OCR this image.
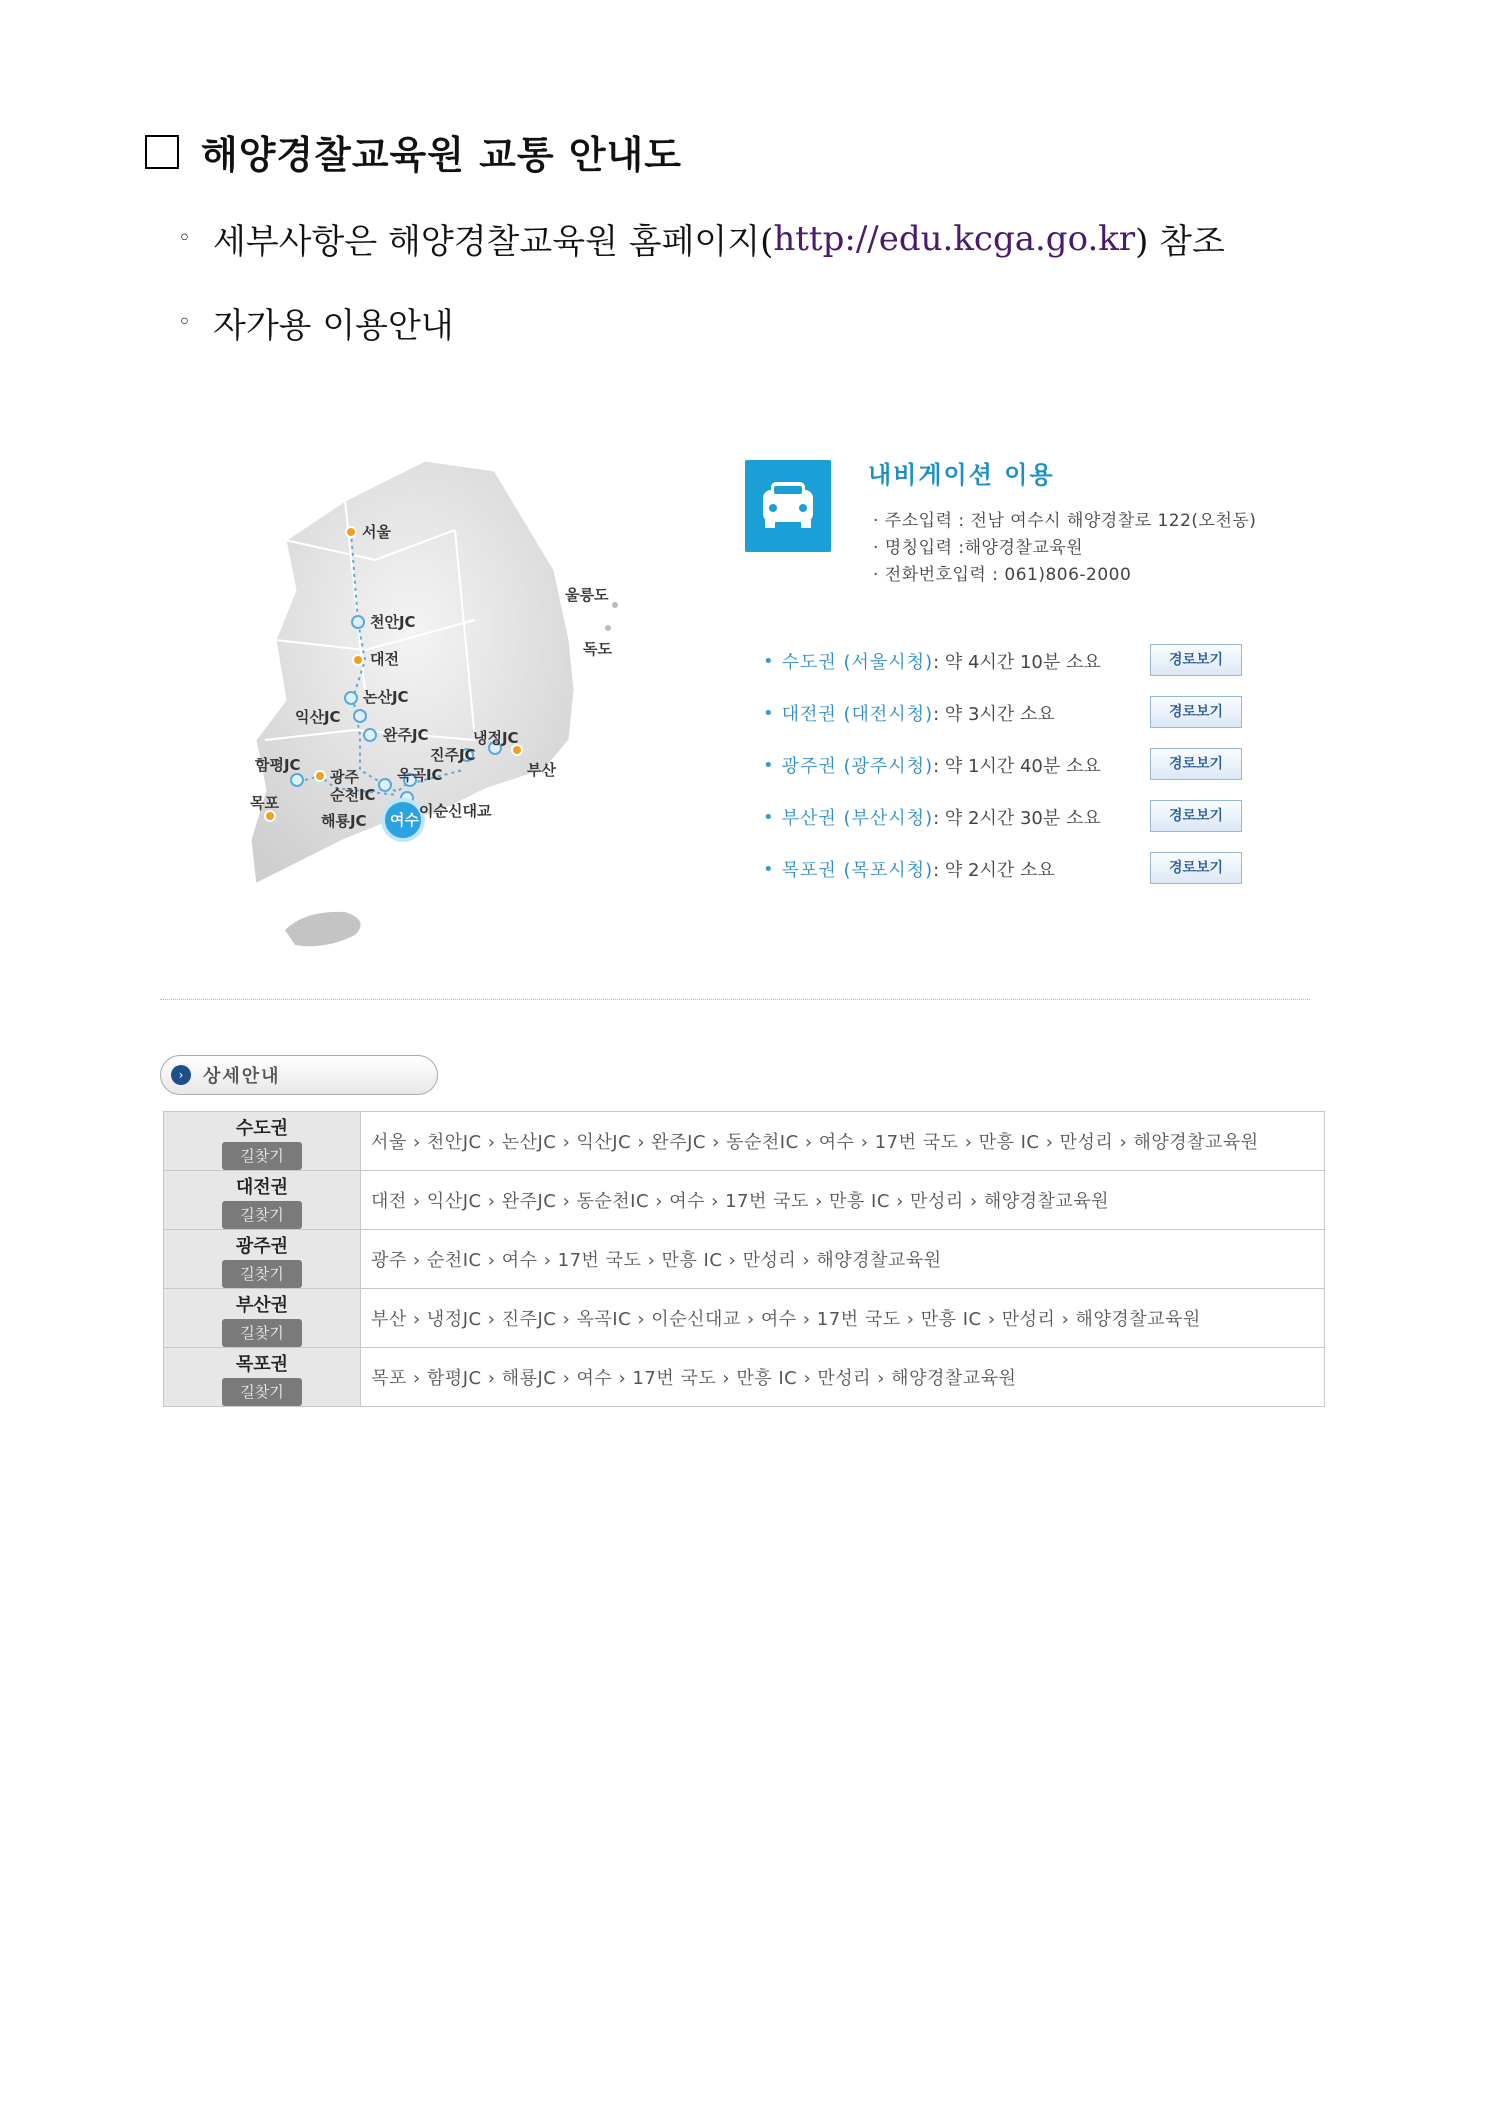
해양경찰교육원 교통 안내도
◦ 세부사항은 해양경찰교육원 홈페이지( http://edu.kcga.go.kr ) 참조
◦ 자가용 이용안내
서울
천안JC
대전
논산JC
익산JC
완주JC
함평JC
광주
순천IC
목포
해룡JC
진주JC
냉정JC
부산
옥곡IC
이순신대교
울릉도
독도
여수
내비게이션 이용
· 주소입력 : 전남 여수시 해양경찰로 122(오천동)
· 명칭입력 :해양경찰교육원
· 전화번호입력 : 061)806-2000
• 수도권 (서울시청) : 약 4시간 10분 소요	경로보기
• 대전권 (대전시청) : 약 3시간 소요	경로보기
• 광주권 (광주시청) : 약 1시간 40분 소요	경로보기
• 부산권 (부산시청) : 약 2시간 30분 소요	경로보기
• 목포권 (목포시청) : 약 2시간 소요	경로보기
›	상세안내
수도권
길찾기	서울 › 천안JC › 논산JC › 익산JC › 완주JC › 동순천IC › 여수 › 17번 국도 › 만흥 IC › 만성리 › 해양경찰교육원

대전권
길찾기	대전 › 익산JC › 완주JC › 동순천IC › 여수 › 17번 국도 › 만흥 IC › 만성리 › 해양경찰교육원

광주권
길찾기	광주 › 순천IC › 여수 › 17번 국도 › 만흥 IC › 만성리 › 해양경찰교육원

부산권
길찾기	부산 › 냉정JC › 진주JC › 옥곡IC › 이순신대교 › 여수 › 17번 국도 › 만흥 IC › 만성리 › 해양경찰교육원

목포권
길찾기	목포 › 함평JC › 해룡JC › 여수 › 17번 국도 › 만흥 IC › 만성리 › 해양경찰교육원
